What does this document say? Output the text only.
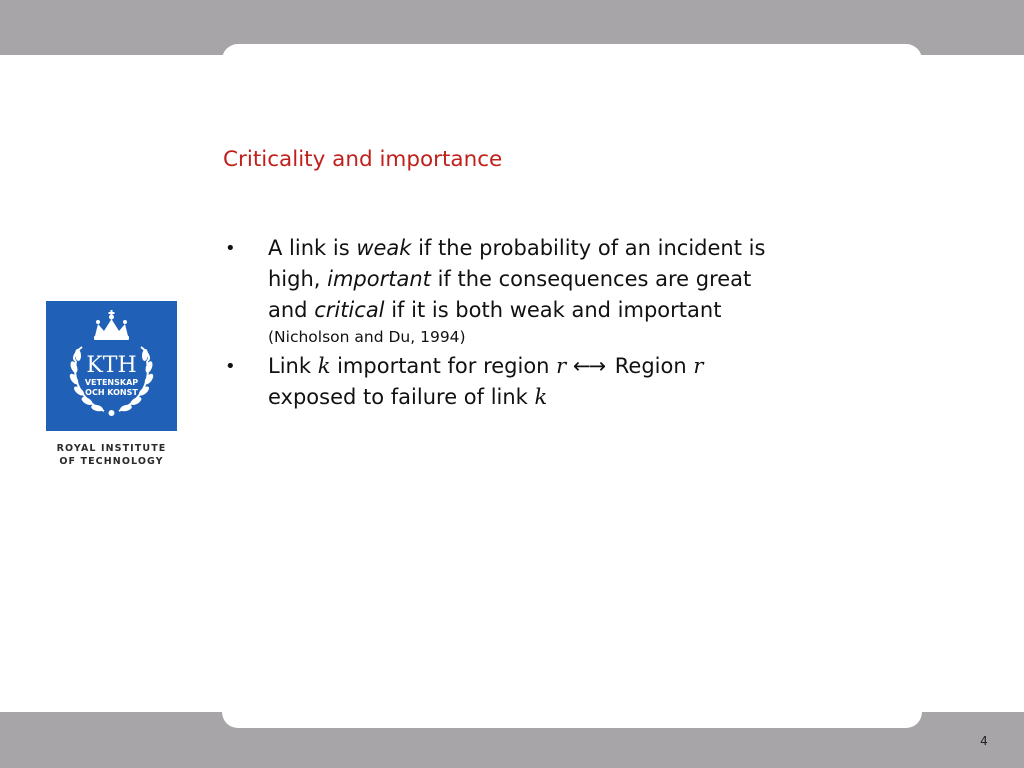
KTH
VETENSKAP
OCH KONST
ROYAL INSTITUTE
OF TECHNOLOGY
Criticality and importance
• A link is weak if the probability of an incident is
high, important if the consequences are great
and critical if it is both weak and important
(Nicholson and Du, 1994)
• Link k important for region r ←→ Region r
exposed to failure of link k
4
